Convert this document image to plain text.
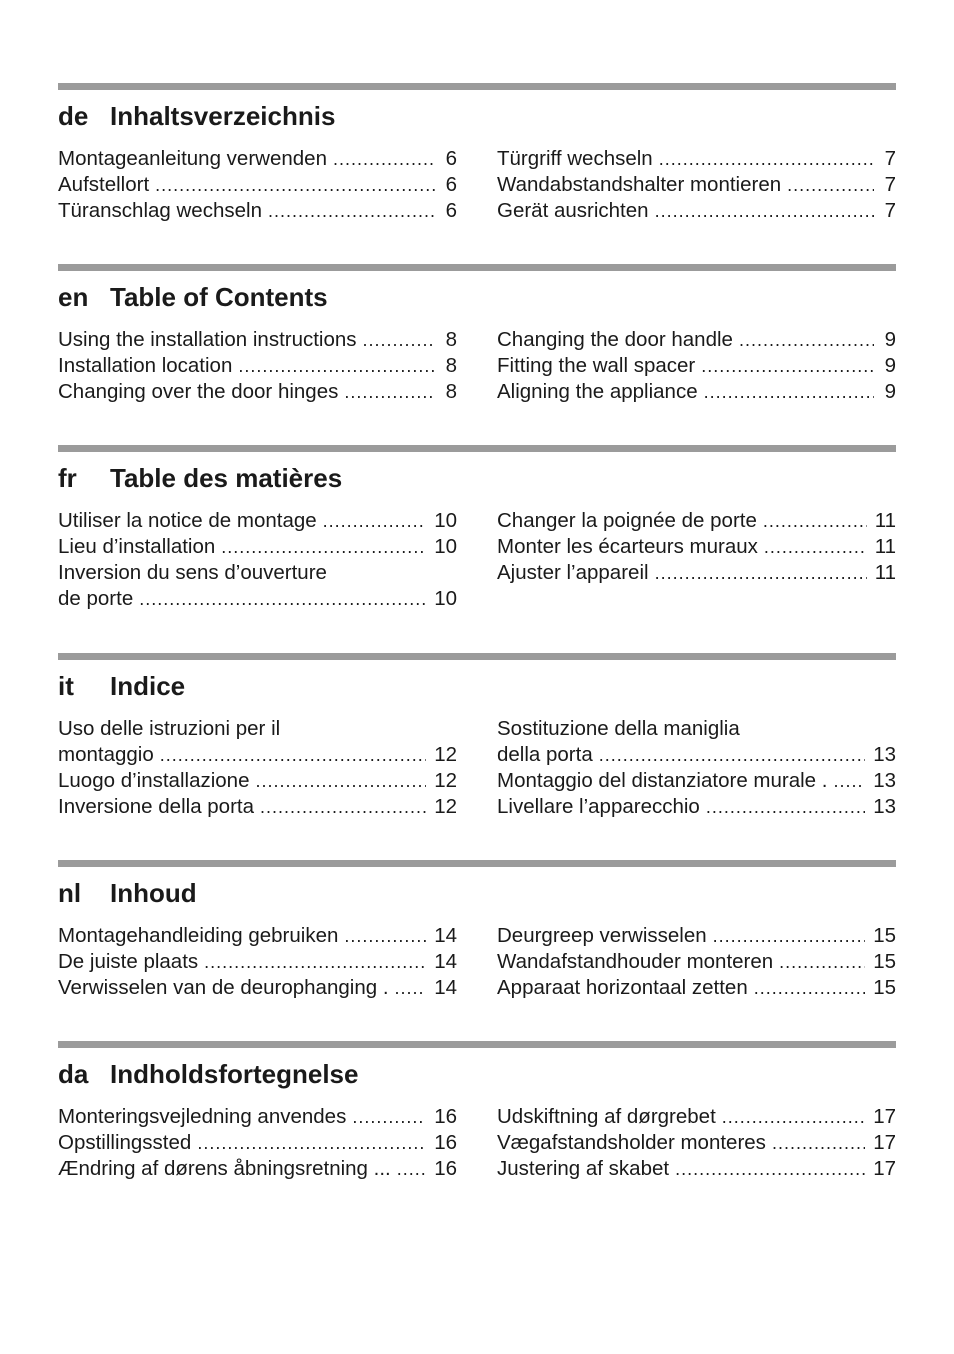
de Inhaltsverzeichnis
Montageanleitung verwenden .....	6
Aufstellort .....	6
Türanschlag wechseln .....	6
Türgriff wechseln .....	7
Wandabstandshalter montieren .....	7
Gerät ausrichten .....	7
en Table of Contents
Using the installation instructions .....	8
Installation location .....	8
Changing over the door hinges .....	8
Changing the door handle .....	9
Fitting the wall spacer .....	9
Aligning the appliance .....	9
fr Table des matières
Utiliser la notice de montage .....	10
Lieu d’installation .....	10
Inversion du sens d’ouverture
de porte .....	10
Changer la poignée de porte .....	11
Monter les écarteurs muraux .....	11
Ajuster l’appareil .....	11
it Indice
Uso delle istruzioni per il
montaggio .....	12
Luogo d’installazione .....	12
Inversione della porta .....	12
Sostituzione della maniglia
della porta .....	13
Montaggio del distanziatore murale . .....	13
Livellare l’apparecchio .....	13
nl Inhoud
Montagehandleiding gebruiken .....	14
De juiste plaats .....	14
Verwisselen van de deurophanging . .....	14
Deurgreep verwisselen .....	15
Wandafstandhouder monteren .....	15
Apparaat horizontaal zetten .....	15
da Indholdsfortegnelse
Monteringsvejledning anvendes .....	16
Opstillingssted .....	16
Ændring af dørens åbningsretning ... .....	16
Udskiftning af dørgrebet .....	17
Vægafstandsholder monteres .....	17
Justering af skabet .....	17
